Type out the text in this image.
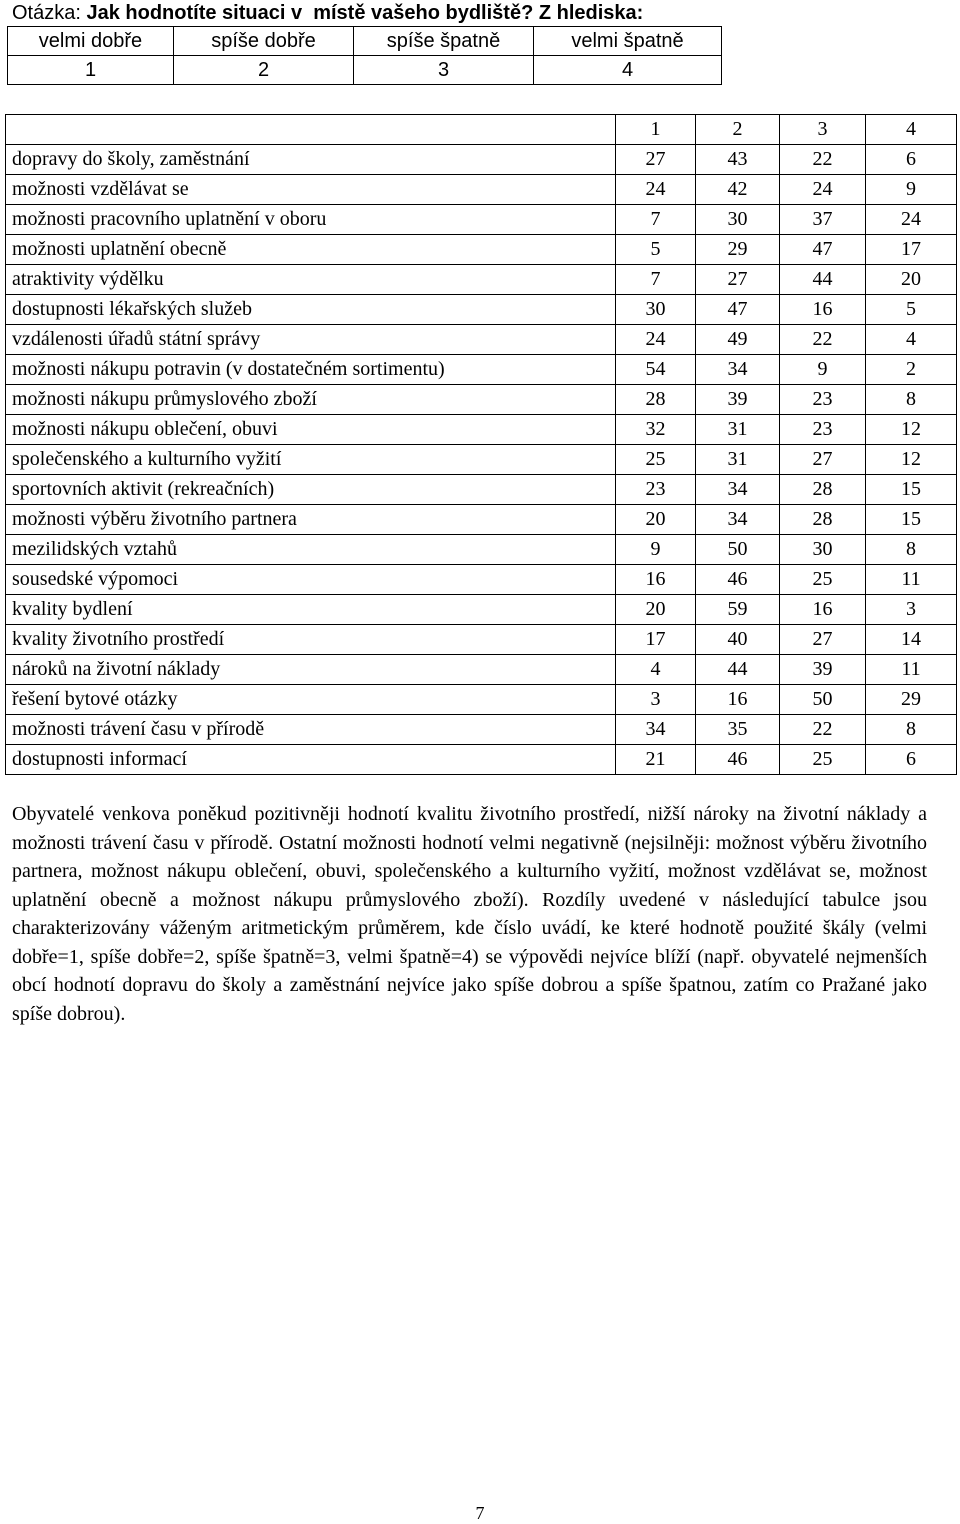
Otázka: Jak hodnotíte situaci v  místě vašeho bydliště? Z hlediska:
velmi dobře	spíše dobře	spíše špatně	velmi špatně
1	2	3	4
	1	2	3	4
dopravy do školy, zaměstnání	27	43	22	6
možnosti vzdělávat se	24	42	24	9
možnosti pracovního uplatnění v oboru	7	30	37	24
možnosti uplatnění obecně	5	29	47	17
atraktivity výdělku	7	27	44	20
dostupnosti lékařských služeb	30	47	16	5
vzdálenosti úřadů státní správy	24	49	22	4
možnosti nákupu potravin (v dostatečném sortimentu)	54	34	9	2
možnosti nákupu průmyslového zboží	28	39	23	8
možnosti nákupu oblečení, obuvi	32	31	23	12
společenského a kulturního vyžití	25	31	27	12
sportovních aktivit (rekreačních)	23	34	28	15
možnosti výběru životního partnera	20	34	28	15
mezilidských vztahů	9	50	30	8
sousedské výpomoci	16	46	25	11
kvality bydlení	20	59	16	3
kvality životního prostředí	17	40	27	14
nároků na životní náklady	4	44	39	11
řešení bytové otázky	3	16	50	29
možnosti trávení času v přírodě	34	35	22	8
dostupnosti informací	21	46	25	6
Obyvatelé venkova poněkud pozitivněji hodnotí kvalitu životního prostředí, nižší nároky na životní náklady a možnosti trávení času v přírodě. Ostatní možnosti hodnotí velmi negativně (nejsilněji: možnost výběru životního partnera, možnost nákupu oblečení, obuvi, společenského a kulturního vyžití, možnost vzdělávat se, možnost uplatnění obecně a možnost nákupu průmyslového zboží). Rozdíly uvedené v následující tabulce jsou charakterizovány váženým aritmetickým průměrem, kde číslo uvádí, ke které hodnotě použité škály (velmi dobře=1, spíše dobře=2, spíše špatně=3, velmi špatně=4) se výpovědi nejvíce blíží (např. obyvatelé nejmenších obcí hodnotí dopravu do školy a zaměstnání nejvíce jako spíše dobrou a spíše špatnou, zatím co Pražané jako spíše dobrou).
7
